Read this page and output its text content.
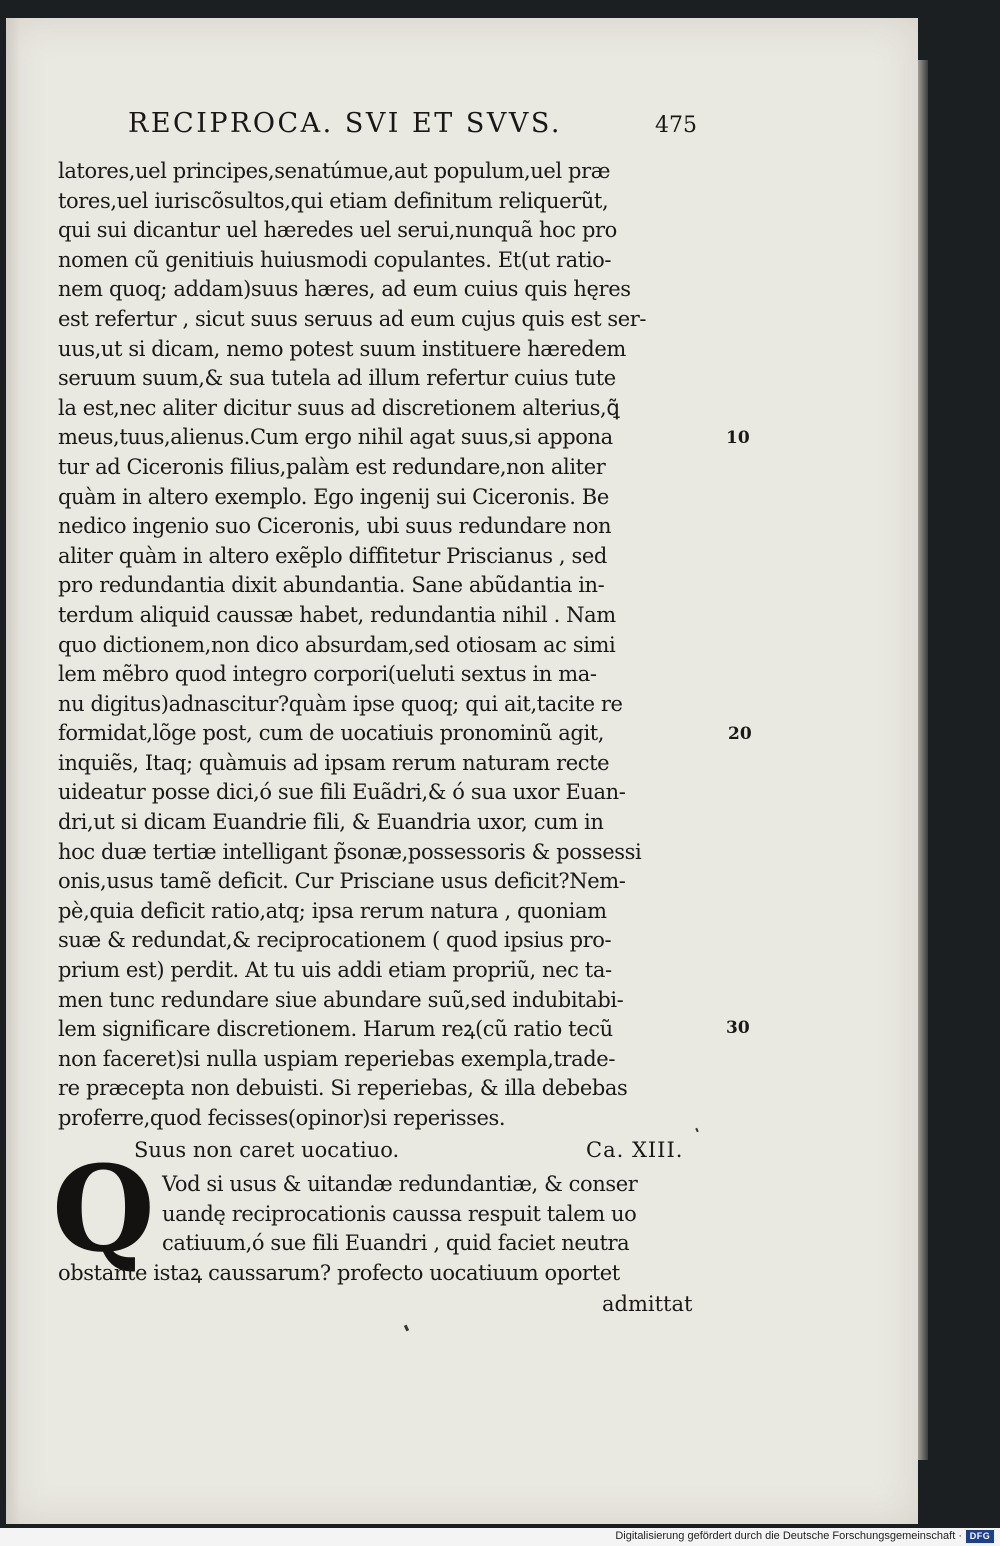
RECIPROCA. SVI ET SVVS.	475
latores,uel principes,senatúmue,aut populum,uel præ
tores,uel iuriscõsultos,qui etiam definitum reliquerũt,
qui sui dicantur uel hæredes uel serui,nunquã hoc pro
nomen cũ genitiuis huiusmodi copulantes. Et(ut ratio-
nem quoq; addam)suus hæres, ad eum cuius quis hęres
est refertur , sicut suus seruus ad eum cujus quis est ser-
uus,ut si dicam, nemo potest suum instituere hæredem
seruum suum,& sua tutela ad illum refertur cuius tute
la est,nec aliter dicitur suus ad discretionem alterius,ꝗ̃
meus,tuus,alienus.Cum ergo nihil agat suus,si appona
tur ad Ciceronis filius,palàm est redundare,non aliter
quàm in altero exemplo. Ego ingenij sui Ciceronis. Be
nedico ingenio suo Ciceronis, ubi suus redundare non
aliter quàm in altero exẽplo diffitetur Priscianus , sed
pro redundantia dixit abundantia. Sane abũdantia in-
terdum aliquid caussæ habet, redundantia nihil . Nam
quo dictionem,non dico absurdam,sed otiosam ac simi
lem mẽbro quod integro corpori(ueluti sextus in ma-
nu digitus)adnascitur?quàm ipse quoq; qui ait,tacite re
formidat,lõge post, cum de uocatiuis pronominũ agit,
inquiẽs, Itaq; quàmuis ad ipsam rerum naturam recte
uideatur posse dici,ó sue fili Euãdri,& ó sua uxor Euan-
dri,ut si dicam Euandrie fili, & Euandria uxor, cum in
hoc duæ tertiæ intelligant p̃sonæ,possessoris & possessi
onis,usus tamẽ deficit. Cur Prisciane usus deficit?Nem-
pè,quia deficit ratio,atq; ipsa rerum natura , quoniam
suæ & redundat,& reciprocationem ( quod ipsius pro-
prium est) perdit. At tu uis addi etiam propriũ, nec ta-
men tunc redundare siue abundare suũ,sed indubitabi-
lem significare discretionem. Harum reꝝ(cũ ratio tecũ
non faceret)si nulla uspiam reperiebas exempla,trade-
re præcepta non debuisti. Si reperiebas, & illa debebas
proferre,quod fecisses(opinor)si reperisses.
10
20
30
Suus non caret uocatiuo.	Ca. XIII.
Q Vod si usus & uitandæ redundantiæ, & conser
uandę reciprocationis caussa respuit talem uo
catiuum,ó sue fili Euandri , quid faciet neutra
obstante istaꝝ caussarum? profecto uocatiuum oportet
admittat
Digitalisierung gefördert durch die Deutsche Forschungsgemeinschaft · DFG
